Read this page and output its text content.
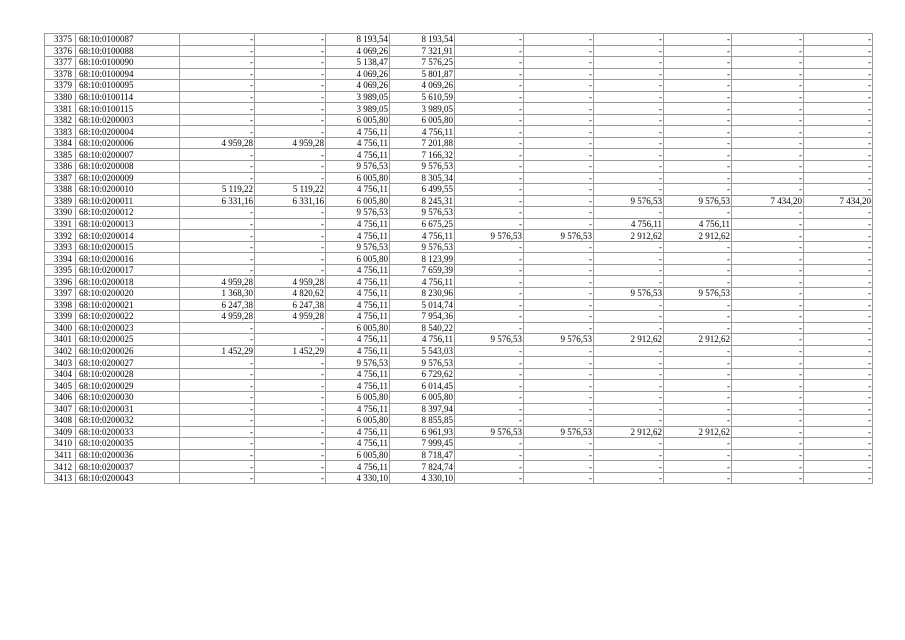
3375	68:10:0100087	-	-	8 193,54	8 193,54	-	-	-	-	-	-
3376	68:10:0100088	-	-	4 069,26	7 321,91	-	-	-	-	-	-
3377	68:10:0100090	-	-	5 138,47	7 576,25	-	-	-	-	-	-
3378	68:10:0100094	-	-	4 069,26	5 801,87	-	-	-	-	-	-
3379	68:10:0100095	-	-	4 069,26	4 069,26	-	-	-	-	-	-
3380	68:10:0100114	-	-	3 989,05	5 610,59	-	-	-	-	-	-
3381	68:10:0100115	-	-	3 989,05	3 989,05	-	-	-	-	-	-
3382	68:10:0200003	-	-	6 005,80	6 005,80	-	-	-	-	-	-
3383	68:10:0200004	-	-	4 756,11	4 756,11	-	-	-	-	-	-
3384	68:10:0200006	4 959,28	4 959,28	4 756,11	7 201,88	-	-	-	-	-	-
3385	68:10:0200007	-	-	4 756,11	7 166,32	-	-	-	-	-	-
3386	68:10:0200008	-	-	9 576,53	9 576,53	-	-	-	-	-	-
3387	68:10:0200009	-	-	6 005,80	8 305,34	-	-	-	-	-	-
3388	68:10:0200010	5 119,22	5 119,22	4 756,11	6 499,55	-	-	-	-	-	-
3389	68:10:0200011	6 331,16	6 331,16	6 005,80	8 245,31	-	-	9 576,53	9 576,53	7 434,20	7 434,20
3390	68:10:0200012	-	-	9 576,53	9 576,53	-	-	-	-	-	-
3391	68:10:0200013	-	-	4 756,11	6 675,25	-	-	4 756,11	4 756,11	-	-
3392	68:10:0200014	-	-	4 756,11	4 756,11	9 576,53	9 576,53	2 912,62	2 912,62	-	-
3393	68:10:0200015	-	-	9 576,53	9 576,53	-	-	-	-	-	-
3394	68:10:0200016	-	-	6 005,80	8 123,99	-	-	-	-	-	-
3395	68:10:0200017	-	-	4 756,11	7 659,39	-	-	-	-	-	-
3396	68:10:0200018	4 959,28	4 959,28	4 756,11	4 756,11	-	-	-	-	-	-
3397	68:10:0200020	1 368,30	4 820,62	4 756,11	8 230,96	-	-	9 576,53	9 576,53	-	-
3398	68:10:0200021	6 247,38	6 247,38	4 756,11	5 014,74	-	-	-	-	-	-
3399	68:10:0200022	4 959,28	4 959,28	4 756,11	7 954,36	-	-	-	-	-	-
3400	68:10:0200023	-	-	6 005,80	8 540,22	-	-	-	-	-	-
3401	68:10:0200025	-	-	4 756,11	4 756,11	9 576,53	9 576,53	2 912,62	2 912,62	-	-
3402	68:10:0200026	1 452,29	1 452,29	4 756,11	5 543,03	-	-	-	-	-	-
3403	68:10:0200027	-	-	9 576,53	9 576,53	-	-	-	-	-	-
3404	68:10:0200028	-	-	4 756,11	6 729,62	-	-	-	-	-	-
3405	68:10:0200029	-	-	4 756,11	6 014,45	-	-	-	-	-	-
3406	68:10:0200030	-	-	6 005,80	6 005,80	-	-	-	-	-	-
3407	68:10:0200031	-	-	4 756,11	8 397,94	-	-	-	-	-	-
3408	68:10:0200032	-	-	6 005,80	8 855,85	-	-	-	-	-	-
3409	68:10:0200033	-	-	4 756,11	6 961,93	9 576,53	9 576,53	2 912,62	2 912,62	-	-
3410	68:10:0200035	-	-	4 756,11	7 999,45	-	-	-	-	-	-
3411	68:10:0200036	-	-	6 005,80	8 718,47	-	-	-	-	-	-
3412	68:10:0200037	-	-	4 756,11	7 824,74	-	-	-	-	-	-
3413	68:10:0200043	-	-	4 330,10	4 330,10	-	-	-	-	-	-
